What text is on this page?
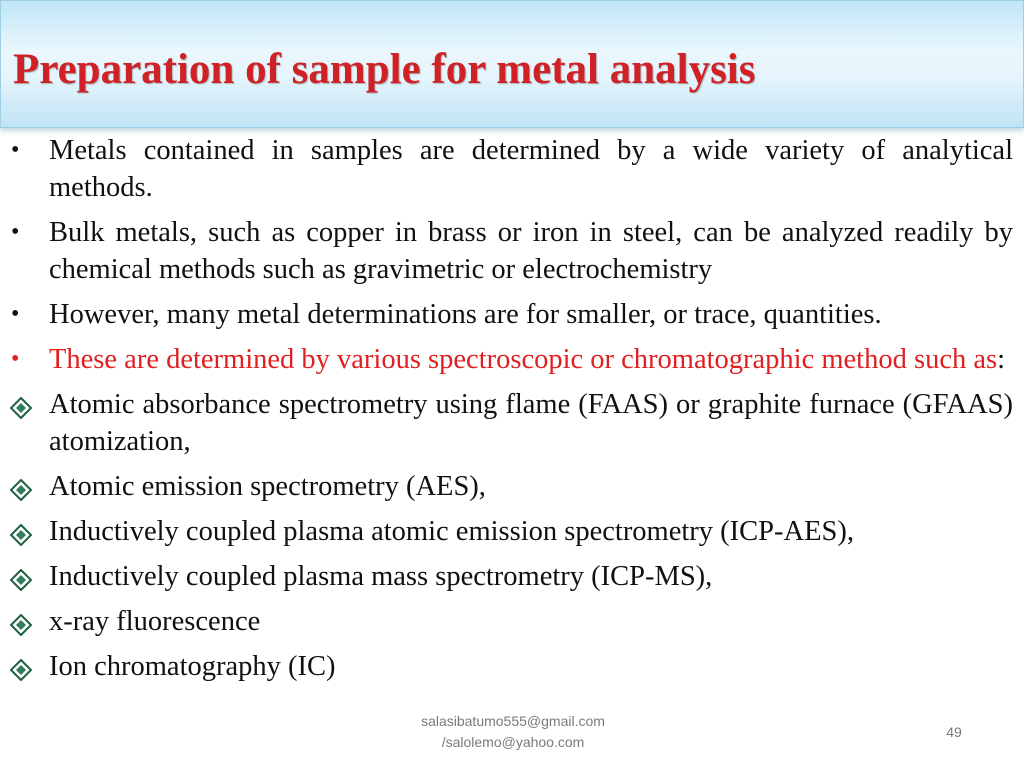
Preparation of sample for metal analysis
•	Metals contained in samples are determined by a wide variety of analytical methods.
•	Bulk metals, such as copper in brass or iron in steel, can be analyzed readily by chemical methods such as gravimetric or electrochemistry
•	However, many metal determinations are for smaller, or trace, quantities.
•	These are determined by various spectroscopic or chromatographic method such as:
Atomic absorbance spectrometry using flame (FAAS) or graphite furnace (GFAAS) atomization,
Atomic emission spectrometry (AES),
Inductively coupled plasma atomic emission spectrometry (ICP-AES),
Inductively coupled plasma mass spectrometry (ICP-MS),
x-ray fluorescence
Ion chromatography (IC)
salasibatumo555@gmail.com
/salolemo@yahoo.com
49
